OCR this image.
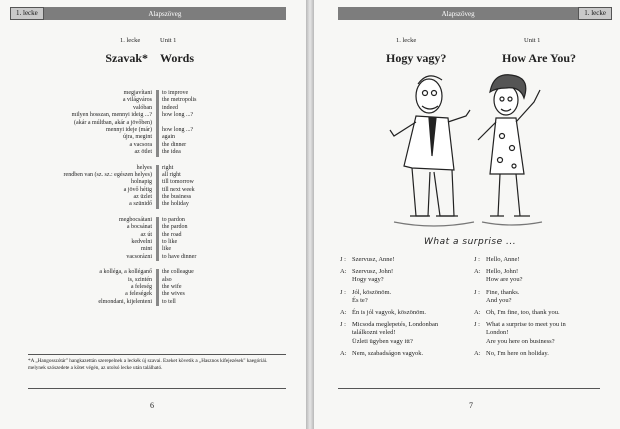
1. lecke	Alapszöveg
1. lecke	Unit 1
Szavak* Words
megjavítani	to improve
a világváros	the metropolis
valóban	indeed
milyen hosszan, mennyi ideig ...?	how long ...?
(akár a múltban, akár a jövőben)
mennyi ideje (már)	how long ...?
újra, megint	again
a vacsora	the dinner
az ötlet	the idea
helyes	right
rendben van (sz. sz.: egészen helyes)	all right
holnapig	till tomorrow
a jövő hétig	till next week
az üzlet	the business
a szünidő	the holiday
megbocsátani	to pardon
a bocsánat	the pardon
az út	the road
kedvelni	to like
mint	like
vacsorázni	to have dinner
a kolléga, a kolléganő	the colleague
is, szintén	also
a feleség	the wife
a feleségek	the wives
elmondani, kijelenteni	to tell
*A „Hangosszótár" hangkazettán szerepelnek a leckék új szavai. Ezeket követik a „Hasznos kifejezések" kaegóriái. melynek szószedete a kötet végén, az utolsó lecke után található.
6
Alapszöveg	1. lecke
1. lecke	Unit 1
Hogy vagy?	How Are You?
What a surprise ...
J : Szervusz, Anne!
A: Szervusz, John!
Hogy vagy?
J : Jól, köszönöm.
És te?
A: Én is jól vagyok, köszönöm.
J : Micsoda meglepetés, Londonban
találkozni veled!
Üzleti ügyben vagy itt?
A: Nem, szabadságon vagyok.
J : Hello, Anne!
A: Hello, John!
How are you?
J : Fine, thanks.
And you?
A: Oh, I'm fine, too, thank you.
J : What a surprise to meet you in
London!
Are you here on business?
A: No, I'm here on holiday.
7
